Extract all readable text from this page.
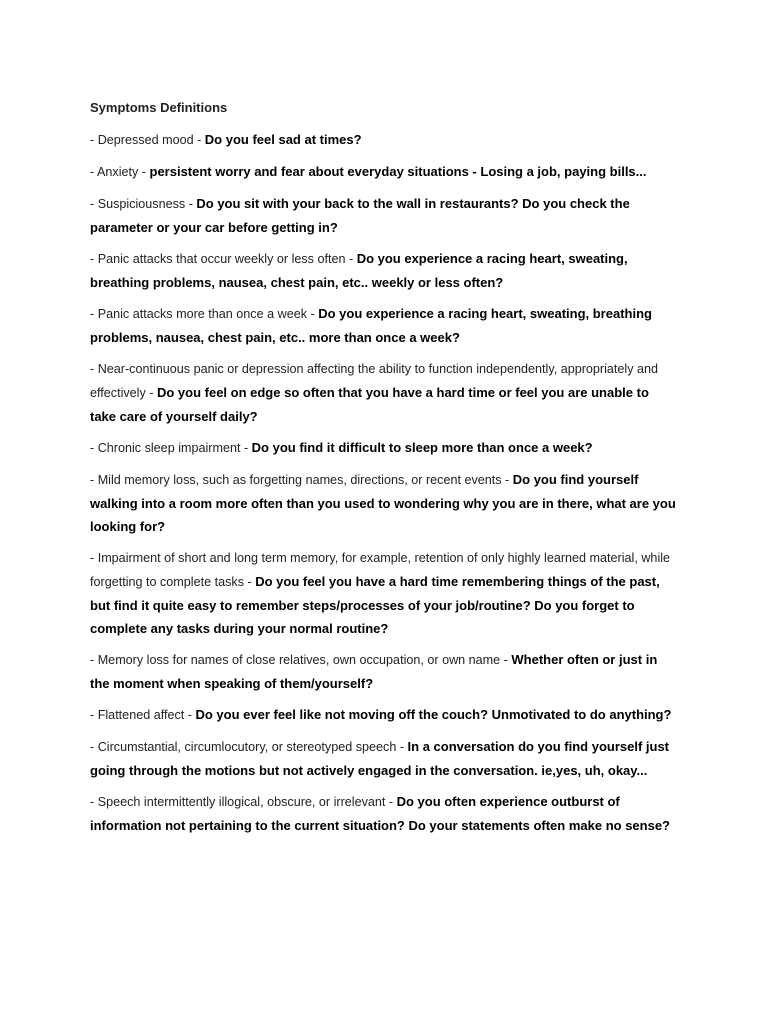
Symptoms Definitions

- Depressed mood - Do you feel sad at times?

- Anxiety - persistent worry and fear about everyday situations - Losing a job, paying bills...

- Suspiciousness - Do you sit with your back to the wall in restaurants? Do you check the parameter or your car before getting in?

- Panic attacks that occur weekly or less often - Do you experience a racing heart, sweating, breathing problems, nausea, chest pain, etc.. weekly or less often?

- Panic attacks more than once a week - Do you experience a racing heart, sweating, breathing problems, nausea, chest pain, etc.. more than once a week?

- Near-continuous panic or depression affecting the ability to function independently, appropriately and effectively - Do you feel on edge so often that you have a hard time or feel you are unable to take care of yourself daily?

- Chronic sleep impairment - Do you find it difficult to sleep more than once a week?

- Mild memory loss, such as forgetting names, directions, or recent events - Do you find yourself walking into a room more often than you used to wondering why you are in there, what are you looking for?

- Impairment of short and long term memory, for example, retention of only highly learned material, while forgetting to complete tasks - Do you feel you have a hard time remembering things of the past, but find it quite easy to remember steps/processes of your job/routine? Do you forget to complete any tasks during your normal routine?

- Memory loss for names of close relatives, own occupation, or own name - Whether often or just in the moment when speaking of them/yourself?

- Flattened affect - Do you ever feel like not moving off the couch? Unmotivated to do anything?

- Circumstantial, circumlocutory, or stereotyped speech - In a conversation do you find yourself just going through the motions but not actively engaged in the conversation. ie,yes, uh, okay...

- Speech intermittently illogical, obscure, or irrelevant - Do you often experience outburst of information not pertaining to the current situation? Do your statements often make no sense?
